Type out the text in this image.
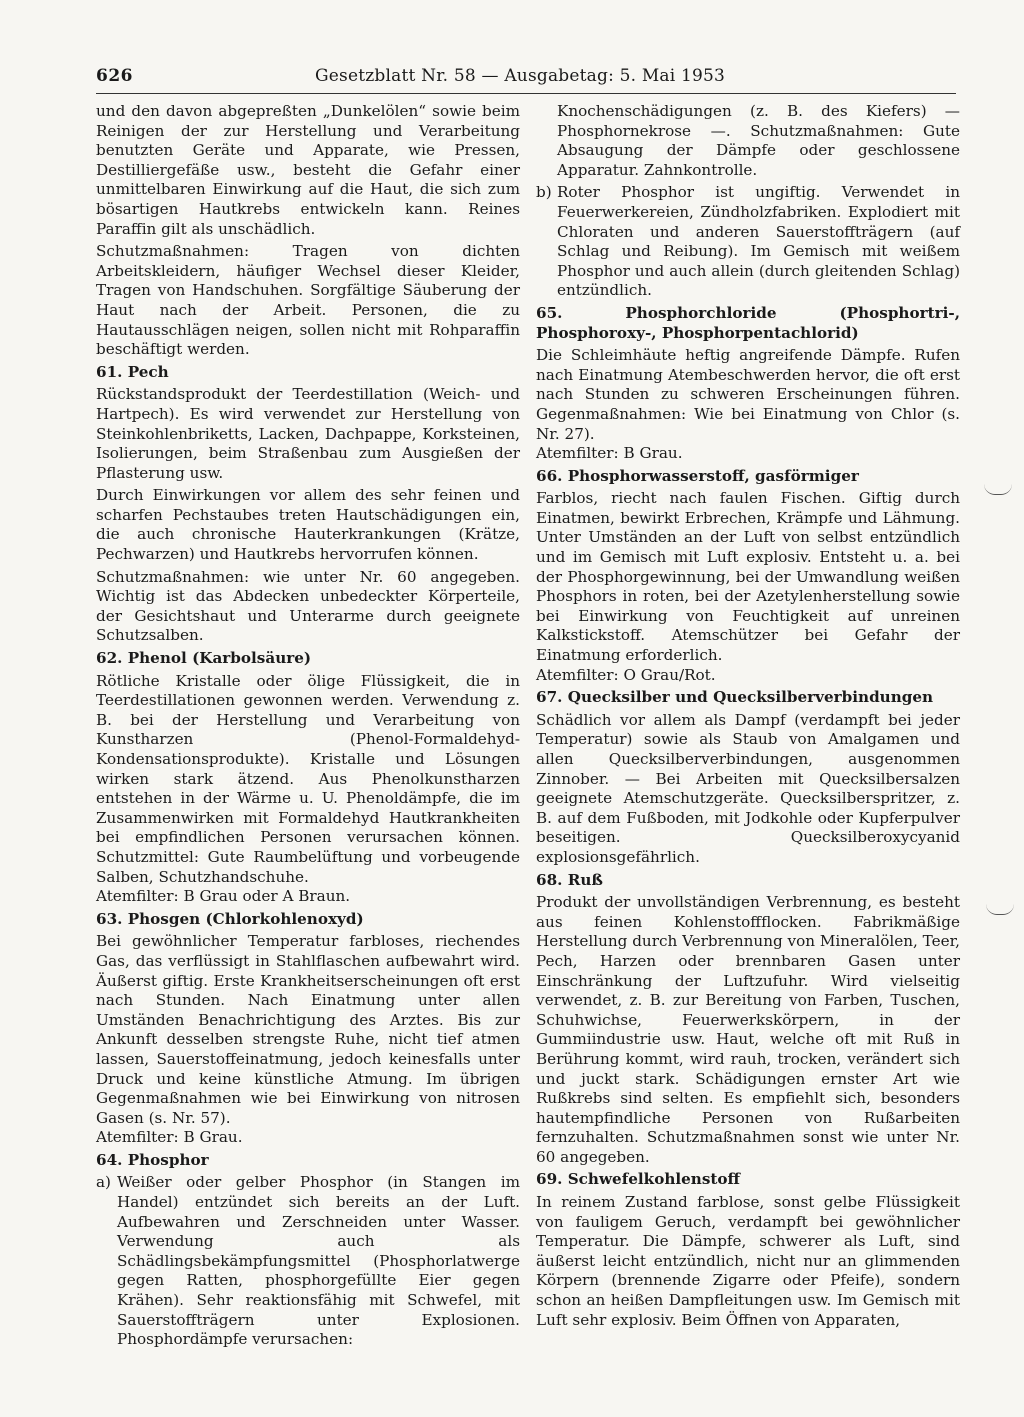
626	Gesetzblatt Nr. 58 — Ausgabetag: 5. Mai 1953

und den davon abgepreßten „Dunkelölen“ sowie beim Reinigen der zur Herstellung und Verarbeitung benutzten Geräte und Apparate, wie Pressen, Destilliergefäße usw., besteht die Gefahr einer unmittelbaren Einwirkung auf die Haut, die sich zum bösartigen Hautkrebs entwickeln kann. Reines Paraffin gilt als unschädlich.

Schutzmaßnahmen: Tragen von dichten Arbeitskleidern, häufiger Wechsel dieser Kleider, Tragen von Handschuhen. Sorgfältige Säuberung der Haut nach der Arbeit. Personen, die zu Hautausschlägen neigen, sollen nicht mit Rohparaffin beschäftigt werden.

61. Pech

Rückstandsprodukt der Teerdestillation (Weich- und Hartpech). Es wird verwendet zur Herstellung von Steinkohlenbriketts, Lacken, Dachpappe, Korksteinen, Isolierungen, beim Straßenbau zum Ausgießen der Pflasterung usw.

Durch Einwirkungen vor allem des sehr feinen und scharfen Pechstaubes treten Hautschädigungen ein, die auch chronische Hauterkrankungen (Krätze, Pechwarzen) und Hautkrebs hervorrufen können.

Schutzmaßnahmen: wie unter Nr. 60 angegeben. Wichtig ist das Abdecken unbedeckter Körperteile, der Gesichtshaut und Unterarme durch geeignete Schutzsalben.

62. Phenol (Karbolsäure)

Rötliche Kristalle oder ölige Flüssigkeit, die in Teerdestillationen gewonnen werden. Verwendung z. B. bei der Herstellung und Verarbeitung von Kunstharzen (Phenol-Formaldehyd-Kondensationsprodukte). Kristalle und Lösungen wirken stark ätzend. Aus Phenolkunstharzen entstehen in der Wärme u. U. Phenoldämpfe, die im Zusammenwirken mit Formaldehyd Hautkrankheiten bei empfindlichen Personen verursachen können. Schutzmittel: Gute Raumbelüftung und vorbeugende Salben, Schutzhandschuhe.

Atemfilter: B Grau oder A Braun.

63. Phosgen (Chlorkohlenoxyd)

Bei gewöhnlicher Temperatur farbloses, riechendes Gas, das verflüssigt in Stahlflaschen aufbewahrt wird. Äußerst giftig. Erste Krankheitserscheinungen oft erst nach Stunden. Nach Einatmung unter allen Umständen Benachrichtigung des Arztes. Bis zur Ankunft desselben strengste Ruhe, nicht tief atmen lassen, Sauerstoffeinatmung, jedoch keinesfalls unter Druck und keine künstliche Atmung. Im übrigen Gegenmaßnahmen wie bei Einwirkung von nitrosen Gasen (s. Nr. 57).

Atemfilter: B Grau.

64. Phosphor

a) Weißer oder gelber Phosphor (in Stangen im Handel) entzündet sich bereits an der Luft. Aufbewahren und Zerschneiden unter Wasser. Verwendung auch als Schädlingsbekämpfungsmittel (Phosphorlatwerge gegen Ratten, phosphorgefüllte Eier gegen Krähen). Sehr reaktionsfähig mit Schwefel, mit Sauerstoffträgern unter Explosionen. Phosphordämpfe verursachen:

Knochenschädigungen (z. B. des Kiefers) — Phosphornekrose —. Schutzmaßnahmen: Gute Absaugung der Dämpfe oder geschlossene Apparatur. Zahnkontrolle.

b) Roter Phosphor ist ungiftig. Verwendet in Feuerwerkereien, Zündholzfabriken. Explodiert mit Chloraten und anderen Sauerstoffträgern (auf Schlag und Reibung). Im Gemisch mit weißem Phosphor und auch allein (durch gleitenden Schlag) entzündlich.

65. Phosphorchloride (Phosphortri-, Phosphoroxy-, Phosphorpentachlorid)

Die Schleimhäute heftig angreifende Dämpfe. Rufen nach Einatmung Atembeschwerden hervor, die oft erst nach Stunden zu schweren Erscheinungen führen. Gegenmaßnahmen: Wie bei Einatmung von Chlor (s. Nr. 27).

Atemfilter: B Grau.

66. Phosphorwasserstoff, gasförmiger

Farblos, riecht nach faulen Fischen. Giftig durch Einatmen, bewirkt Erbrechen, Krämpfe und Lähmung. Unter Umständen an der Luft von selbst entzündlich und im Gemisch mit Luft explosiv. Entsteht u. a. bei der Phosphorgewinnung, bei der Umwandlung weißen Phosphors in roten, bei der Azetylenherstellung sowie bei Einwirkung von Feuchtigkeit auf unreinen Kalkstickstoff. Atemschützer bei Gefahr der Einatmung erforderlich.

Atemfilter: O Grau/Rot.

67. Quecksilber und Quecksilberverbindungen

Schädlich vor allem als Dampf (verdampft bei jeder Temperatur) sowie als Staub von Amalgamen und allen Quecksilberverbindungen, ausgenommen Zinnober. — Bei Arbeiten mit Quecksilbersalzen geeignete Atemschutzgeräte. Quecksilberspritzer, z. B. auf dem Fußboden, mit Jodkohle oder Kupferpulver beseitigen. Quecksilberoxycyanid explosionsgefährlich.

68. Ruß

Produkt der unvollständigen Verbrennung, es besteht aus feinen Kohlenstoffflocken. Fabrikmäßige Herstellung durch Verbrennung von Mineralölen, Teer, Pech, Harzen oder brennbaren Gasen unter Einschränkung der Luftzufuhr. Wird vielseitig verwendet, z. B. zur Bereitung von Farben, Tuschen, Schuhwichse, Feuerwerkskörpern, in der Gummiindustrie usw. Haut, welche oft mit Ruß in Berührung kommt, wird rauh, trocken, verändert sich und juckt stark. Schädigungen ernster Art wie Rußkrebs sind selten. Es empfiehlt sich, besonders hautempfindliche Personen von Rußarbeiten fernzuhalten. Schutzmaßnahmen sonst wie unter Nr. 60 angegeben.

69. Schwefelkohlenstoff

In reinem Zustand farblose, sonst gelbe Flüssigkeit von fauligem Geruch, verdampft bei gewöhnlicher Temperatur. Die Dämpfe, schwerer als Luft, sind äußerst leicht entzündlich, nicht nur an glimmenden Körpern (brennende Zigarre oder Pfeife), sondern schon an heißen Dampfleitungen usw. Im Gemisch mit Luft sehr explosiv. Beim Öffnen von Apparaten,
